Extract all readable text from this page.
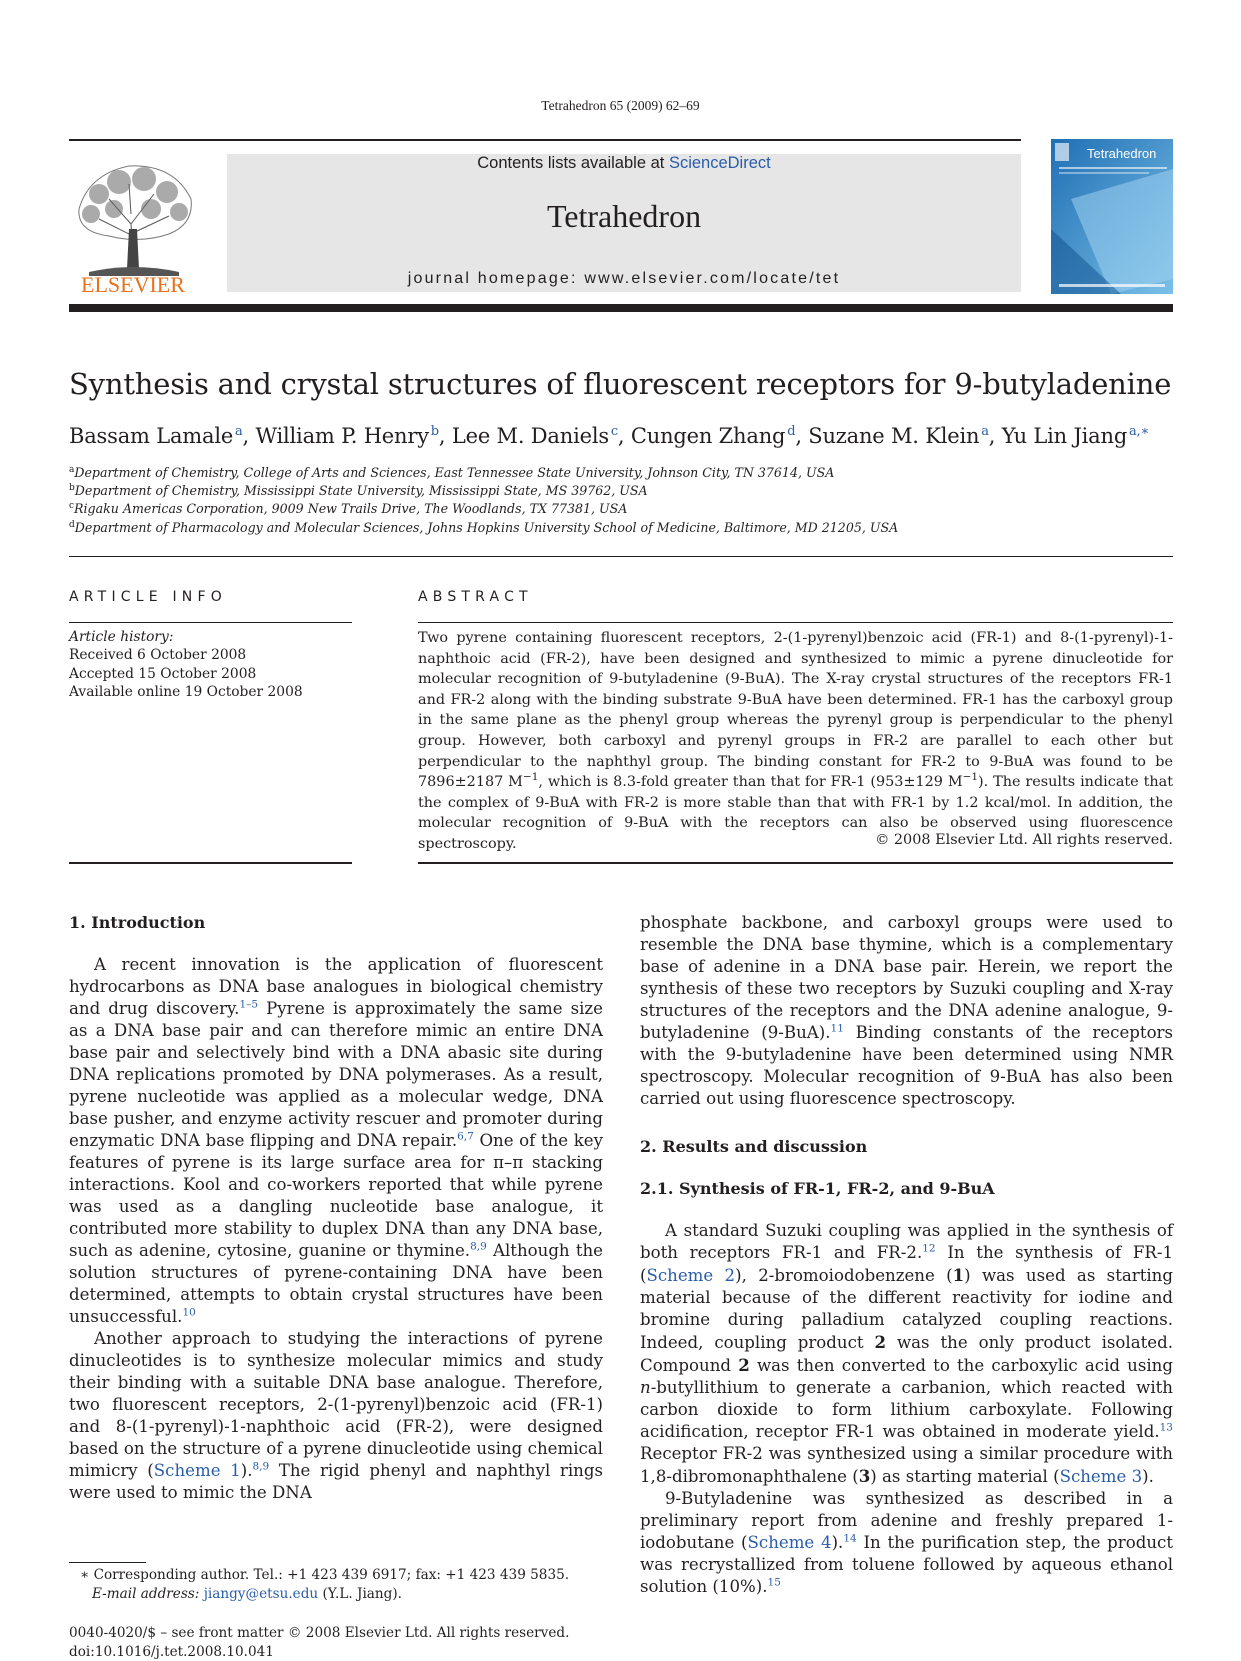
Tetrahedron 65 (2009) 62–69
ELSEVIER
Contents lists available at ScienceDirect
Tetrahedron
journal homepage: www.elsevier.com/locate/tet
Tetrahedron
Synthesis and crystal structures of fluorescent receptors for 9-butyladenine
Bassam Lamale  $^a$, William P. Henry  $^b$, Lee M. Daniels  $^c$, Cungen Zhang  $^d$, Suzane M. Klein  $^a$, Yu Lin Jiang  $^{a,∗}$
$^a$Department of Chemistry, College of Arts and Sciences, East Tennessee State University, Johnson City, TN 37614, USA
$^b$Department of Chemistry, Mississippi State University, Mississippi State, MS 39762, USA
$^c$Rigaku Americas Corporation, 9009 New Trails Drive, The Woodlands, TX 77381, USA
$^d$Department of Pharmacology and Molecular Sciences, Johns Hopkins University School of Medicine, Baltimore, MD 21205, USA
ARTICLE INFO	ABSTRACT
Article history:
Received 6 October 2008
Accepted 15 October 2008
Available online 19 October 2008
Two pyrene containing fluorescent receptors, 2-(1-pyrenyl)benzoic acid (FR-1) and 8-(1-pyrenyl)-1-naphthoic acid (FR-2), have been designed and synthesized to mimic a pyrene dinucleotide for molecular recognition of 9-butyladenine (9-BuA). The X-ray crystal structures of the receptors FR-1 and FR-2 along with the binding substrate 9-BuA have been determined. FR-1 has the carboxyl group in the same plane as the phenyl group whereas the pyrenyl group is perpendicular to the phenyl group. However, both carboxyl and pyrenyl groups in FR-2 are parallel to each other but perpendicular to the naphthyl group. The binding constant for FR-2 to 9-BuA was found to be 7896±2187 $M^{-1}$, which is 8.3-fold greater than that for FR-1 (953±129 $M^{-1}$). The results indicate that the complex of 9-BuA with FR-2 is more stable than that with FR-1 by 1.2 kcal/mol. In addition, the molecular recognition of 9-BuA with the receptors can also be observed using fluorescence spectroscopy.	© 2008 Elsevier Ltd. All rights reserved.

1. Introduction

A recent innovation is the application of fluorescent hydrocarbons as DNA base analogues in biological chemistry and drug discovery.$^{1-5}$ Pyrene is approximately the same size as a DNA base pair and can therefore mimic an entire DNA base pair and selectively bind with a DNA abasic site during DNA replications promoted by DNA polymerases. As a result, pyrene nucleotide was applied as a molecular wedge, DNA base pusher, and enzyme activity rescuer and promoter during enzymatic DNA base flipping and DNA repair.$^{6,7}$ One of the key features of pyrene is its large surface area for π–π stacking interactions. Kool and co-workers reported that while pyrene was used as a dangling nucleotide base analogue, it contributed more stability to duplex DNA than any DNA base, such as adenine, cytosine, guanine or thymine.$^{8,9}$ Although the solution structures of pyrene-containing DNA have been determined, attempts to obtain crystal structures have been unsuccessful.$^{10}$

Another approach to studying the interactions of pyrene dinucleotides is to synthesize molecular mimics and study their binding with a suitable DNA base analogue. Therefore, two fluorescent receptors, 2-(1-pyrenyl)benzoic acid (FR-1) and 8-(1-pyrenyl)-1-naphthoic acid (FR-2), were designed based on the structure of a pyrene dinucleotide using chemical mimicry (Scheme 1).$^{8,9}$ The rigid phenyl and naphthyl rings were used to mimic the DNA

phosphate backbone, and carboxyl groups were used to resemble the DNA base thymine, which is a complementary base of adenine in a DNA base pair. Herein, we report the synthesis of these two receptors by Suzuki coupling and X-ray structures of the receptors and the DNA adenine analogue, 9-butyladenine (9-BuA).$^{11}$ Binding constants of the receptors with the 9-butyladenine have been determined using NMR spectroscopy. Molecular recognition of 9-BuA has also been carried out using fluorescence spectroscopy.

2. Results and discussion

2.1. Synthesis of FR-1, FR-2, and 9-BuA

A standard Suzuki coupling was applied in the synthesis of both receptors FR-1 and FR-2.12 In the synthesis of FR-1 (Scheme 2), 2-bromoiodobenzene (1) was used as starting material because of the different reactivity for iodine and bromine during palladium catalyzed coupling reactions. Indeed, coupling product 2 was the only product isolated. Compound 2 was then converted to the carboxylic acid using n-butyllithium to generate a carbanion, which reacted with carbon dioxide to form lithium carboxylate. Following acidification, receptor FR-1 was obtained in moderate yield.$^{13}$ Receptor FR-2 was synthesized using a similar procedure with 1,8-dibromonaphthalene (3) as starting material (Scheme 3).

9-Butyladenine was synthesized as described in a preliminary report from adenine and freshly prepared 1-iodobutane (Scheme 4).$^{14}$ In the purification step, the product was recrystallized from toluene followed by aqueous ethanol solution (10%).$^{15}$

∗ Corresponding author. Tel.: +1 423 439 6917; fax: +1 423 439 5835.
E-mail address: jiangy@etsu.edu (Y.L. Jiang).
0040-4020/$ – see front matter © 2008 Elsevier Ltd. All rights reserved.
doi:10.1016/j.tet.2008.10.041
